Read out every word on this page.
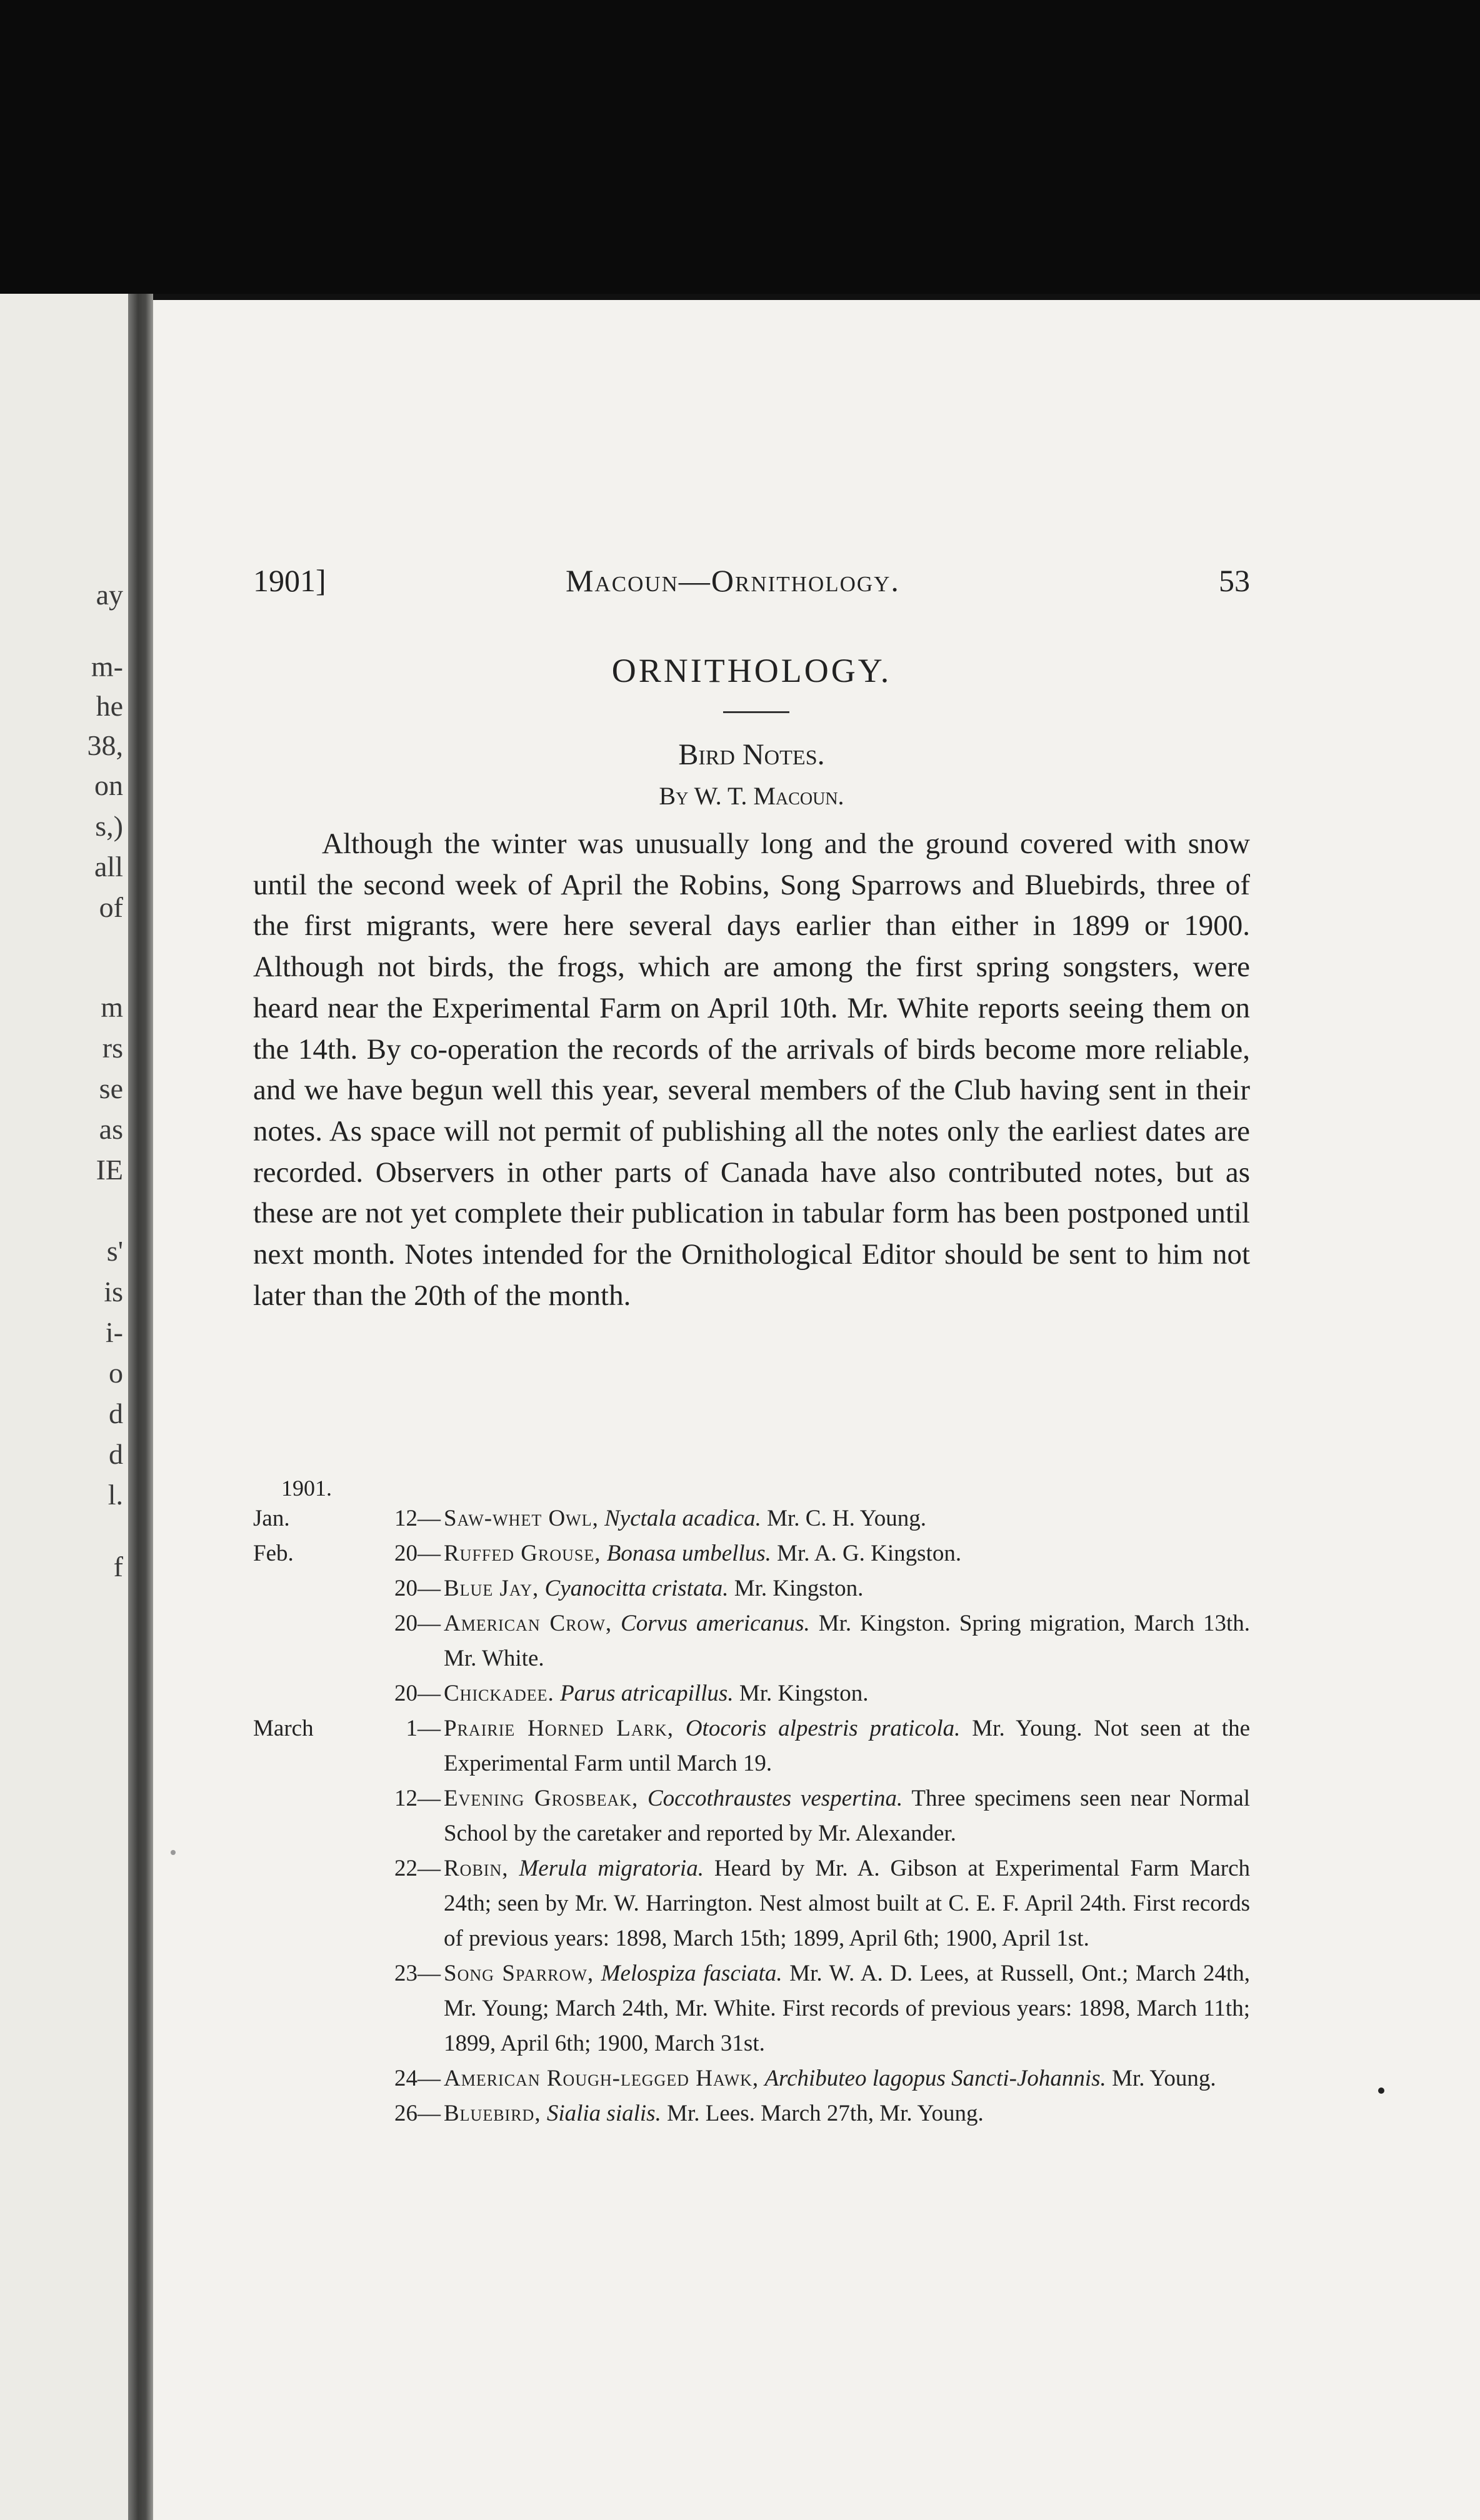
ay
m-
he
38,
on
s,)
all
of
m
rs
se
as
IE
s'
is
i-
o
d
d
l.
f
1901]	Macoun—Ornithology.	53
ORNITHOLOGY.
Bird Notes.
By W. T. Macoun.
Although the winter was unusually long and the ground covered with snow until the second week of April the Robins, Song Sparrows and Bluebirds, three of the first migrants, were here several days earlier than either in 1899 or 1900. Although not birds, the frogs, which are among the first spring songsters, were heard near the Experimental Farm on April 10th. Mr. White reports seeing them on the 14th. By co-operation the records of the arrivals of birds become more reliable, and we have begun well this year, several members of the Club having sent in their notes. As space will not permit of publishing all the notes only the earliest dates are recorded. Observers in other parts of Canada have also contributed notes, but as these are not yet complete their publication in tabular form has been postponed until next month. Notes intended for the Ornithological Editor should be sent to him not later than the 20th of the month.
1901.
Jan.	12 —	Saw-whet Owl, Nyctala acadica. Mr. C. H. Young.
Feb.	20 —	Ruffed Grouse, Bonasa umbellus. Mr. A. G. Kingston.
20 —	Blue Jay, Cyanocitta cristata. Mr. Kingston.
20 —	American Crow, Corvus americanus. Mr. Kingston. Spring migration, March 13th. Mr. White.
20 —	Chickadee. Parus atricapillus. Mr. Kingston.
March	1 —	Prairie Horned Lark, Otocoris alpestris praticola. Mr. Young. Not seen at the Experimental Farm until March 19.
12 —	Evening Grosbeak, Coccothraustes vespertina. Three specimens seen near Normal School by the caretaker and reported by Mr. Alexander.
22 —	Robin, Merula migratoria. Heard by Mr. A. Gibson at Experimental Farm March 24th; seen by Mr. W. Harrington. Nest almost built at C. E. F. April 24th. First records of previous years: 1898, March 15th; 1899, April 6th; 1900, April 1st.
23 —	Song Sparrow, Melospiza fasciata. Mr. W. A. D. Lees, at Russell, Ont.; March 24th, Mr. Young; March 24th, Mr. White. First records of previous years: 1898, March 11th; 1899, April 6th; 1900, March 31st.
24 —	American Rough-legged Hawk, Archibuteo lagopus Sancti-Johannis. Mr. Young.
26 —	Bluebird, Sialia sialis. Mr. Lees. March 27th, Mr. Young.
